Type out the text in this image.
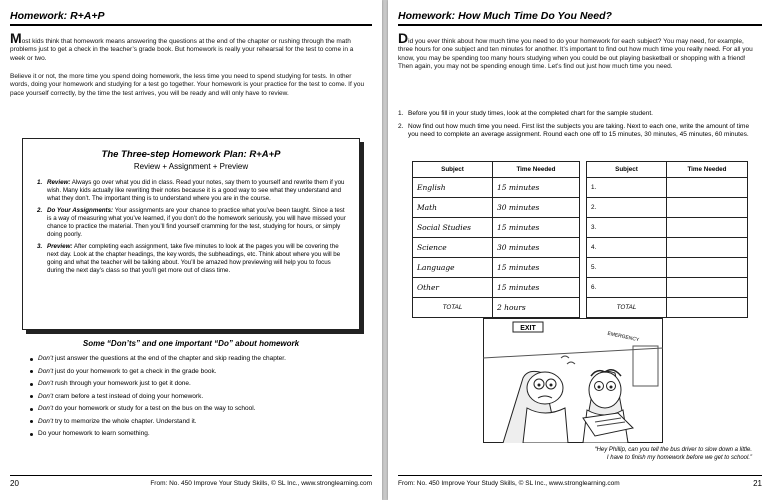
Homework: R+A+P
Most kids think that homework means answering the questions at the end of the chapter or rushing through the math problems just to get a check in the teacher’s grade book. But homework is really your rehearsal for the test to come in a week or two.
Believe it or not, the more time you spend doing homework, the less time you need to spend studying for tests. In other words, doing your homework and studying for a test go together. Your homework is your practice for the test to come. If you pace yourself correctly, by the time the test arrives, you will be ready and will only have to review.
The Three-step Homework Plan: R+A+P
Review + Assignment + Preview
1. Review: Always go over what you did in class. Read your notes, say them to yourself and rewrite them if you wish. Many kids actually like rewriting their notes because it is a good way to see what they understand and what they don’t. The important thing is to understand where you are in the course.
2. Do Your Assignments: Your assignments are your chance to practice what you’ve been taught. Since a test is a way of measuring what you’ve learned, if you don’t do the homework seriously, you will have missed your chance to practice the material. Then you’ll find yourself cramming for the test, studying for hours, or simply doing poorly.
3. Preview: After completing each assignment, take five minutes to look at the pages you will be covering the next day. Look at the chapter headings, the key words, the subheadings, etc. Think about where you will be going and what the teacher will be talking about. You’ll be amazed how previewing will help you to focus during the next day’s class so that you’ll get more out of class time.
Some “Don’ts” and one important “Do” about homework
Don’t just answer the questions at the end of the chapter and skip reading the chapter.
Don’t just do your homework to get a check in the grade book.
Don’t rush through your homework just to get it done.
Don’t cram before a test instead of doing your homework.
Don’t do your homework or study for a test on the bus on the way to school.
Don’t try to memorize the whole chapter. Understand it.
Do your homework to learn something.
20	From: No. 450 Improve Your Study Skills, © SL Inc., www.stronglearning.com
Homework: How Much Time Do You Need?
Did you ever think about how much time you need to do your homework for each subject? You may need, for example, three hours for one subject and ten minutes for another. It’s important to find out how much time you really need. For all you know, you may be spending too many hours studying when you could be out playing basketball or shopping with a friend! Then again, you may not be spending enough time. Let’s find out just how much time you need.
1. Before you fill in your study times, look at the completed chart for the sample student.
2. Now find out how much time you need. First list the subjects you are taking. Next to each one, write the amount of time you need to complete an average assignment. Round each one off to 15 minutes, 30 minutes, 45 minutes, 60 minutes.
Subject	Time Needed
English	15 minutes
Math	30 minutes
Social Studies	15 minutes
Science	30 minutes
Language	15 minutes
Other	15 minutes
TOTAL	2 hours
Subject	Time Needed
1.	
2.	
3.	
4.	
5.	
6.	
TOTAL	
EXIT
EMERGENCY
“Hey Phillip, can you tell the bus driver to slow down a little.
I have to finish my homework before we get to school.”
From: No. 450 Improve Your Study Skills, © SL Inc., www.stronglearning.com	21
